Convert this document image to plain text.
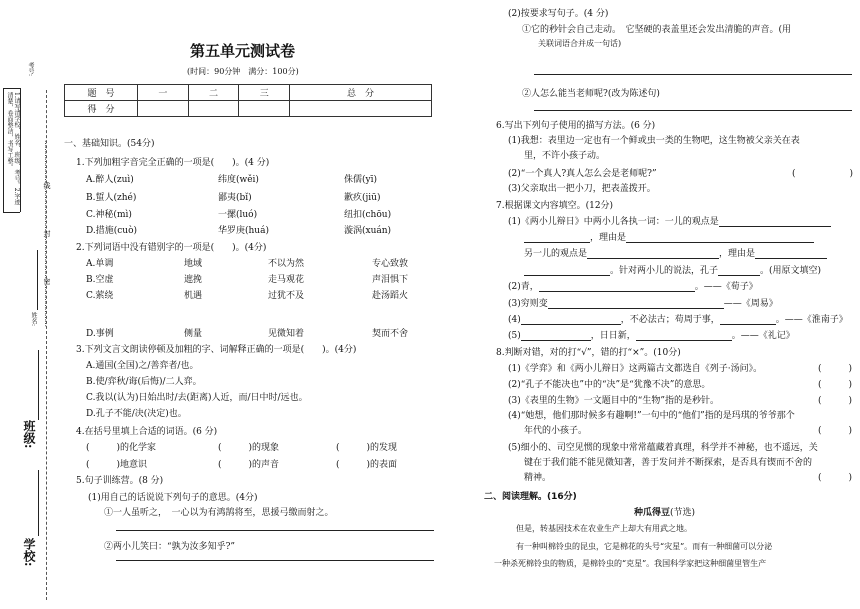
1.请写清学校、姓名、班级、考号。2.字迹清楚，卷面整洁，书写工整。
考号:
…………………线…………………封…………………密…………………
姓名:
班级:
学校:
第五单元测试卷
(时间：90分钟　满分：100分)
题　号	一	二	三	总　分
得　分				
一、基础知识。(54分)
1.下列加粗字音完全正确的一项是(　　)。(4 分)
A.醉人(zuì)	纬度(wěi)	侏儒(yī)
B.蜇人(zhé)	鄙夷(bǐ)	歉疚(jiū)
C.神秘(mì)	一摞(luó)	纽扣(chōu)
D.措施(cuò)	华罗庚(huá)	漩涡(xuán)
2.下列词语中没有错别字的一项是(　　)。(4分)
A.单调	地域	不以为然	专心致敦
B.空虚	遮挽	走马观花	声泪惧下
C.萦绕	机遇	过犹不及	赴汤蹈火
D.事例	侧量	见微知着	契而不舍
3.下列文言文朗读停顿及加粗的字、词解释正确的一项是(　　)。(4分)
A.通国(全国)之/善弈者/也。
B.使/弈秋/诲(后悔)/二人弈。
C.我以(认为)日始出时/去(距离)人近，而/日中时/远也。
D.孔子不能/决(决定)也。
4.在括号里填上合适的词语。(6 分)
(　　　)的化学家	(　　　)的现象	(　　　)的发现
(　　　)地意识	(　　　)的声音	(　　　)的表面
5.句子训练营。(8 分)
(1)用自己的话说说下列句子的意思。(4分)
①一人虽听之，　一心以为有鸿鹄将至，思援弓缴而射之。
②两小儿笑曰：“孰为汝多知乎?”
(2)按要求写句子。(4 分)
①它的秒针会自己走动。　它坚硬的表盖里还会发出清脆的声音。(用
关联词语合并成一句话)
②人怎么能当老师呢?(改为陈述句)
6.写出下列句子使用的描写方法。(6 分)
(1)我想：表里边一定也有一个鲜或虫一类的生物吧，这生物被父亲关在表
里，不许小孩子动。
(2)“一个真人?真人怎么会是老师呢?”	(　　　　　　)
(3)父亲取出一把小刀，把表盖拨开。
7.根据课文内容填空。(12分)
(1)《两小儿辩日》中两小儿各执一词：一儿的观点是
，理由是
另一儿的观点是	，理由是
。针对两小儿的说法，孔子	。(用原文填空)
(2)青，	。——《荀子》
(3)穷则变	——《周易》
(4)	，不必法古；苟周于事，	。——《淮南子》
(5)	，日日新，	。——《礼记》
8.判断对错，对的打“√”，错的打“×”。(10分)
(1)《学弈》和《两小儿辩日》这两篇古文都选自《列子·汤问》。	(　　　)
(2)“孔子不能决也”中的“决”是“犹豫不决”的意思。	(　　　)
(3)《表里的生物》一文题目中的“生物”指的是秒针。	(　　　)
(4)“她想，他们那时候多有趣啊!”一句中的“他们”指的是玛琪的爷爷那个
年代的小孩子。	(　　　)
(5)细小的、司空见惯的现象中常常蕴藏着真理，科学并不神秘，也不遥远，关
键在于我们能不能见微知著，善于发问并不断探索，是否具有锲而不舍的
精神。	(　　　)
二、阅读理解。(16分)
种瓜得豆(节选)
但是，转基因技术在农业生产上却大有用武之地。
有一种叫棉铃虫的昆虫，它是棉花的头号“灾星”。而有一种细菌可以分泌
一种杀死棉铃虫的物质，是棉铃虫的“克星”。我国科学家把这种细菌里管生产
